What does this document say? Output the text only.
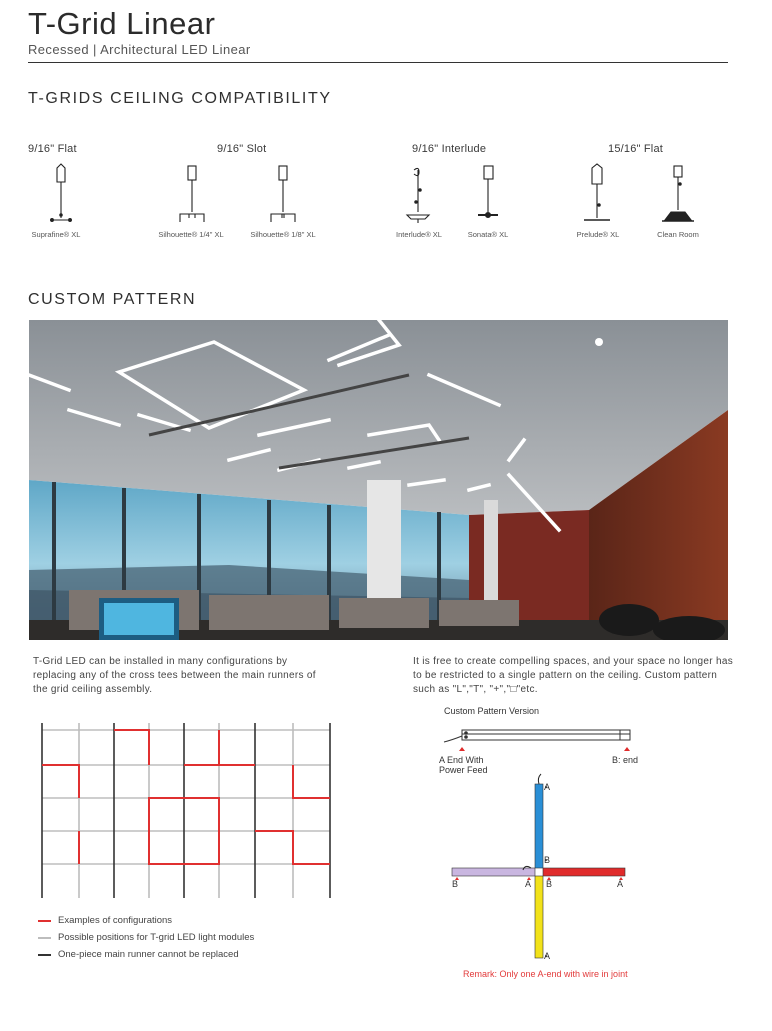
T-Grid Linear
Recessed | Architectural LED Linear
T-GRIDS CEILING COMPATIBILITY
9/16" Flat	9/16" Slot	9/16" Interlude	15/16" Flat
Suprafine® XL	Silhouette® 1/4" XL	Silhouette® 1/8" XL	Interlude® XL	Sonata® XL	Prelude® XL	Clean Room
CUSTOM PATTERN
T-Grid LED can be installed in many configurations by replacing any of the cross tees between the main runners of the grid ceiling assembly.
It is free to create compelling spaces, and your space no longer has to be restricted to a single pattern on the ceiling. Custom pattern such as "L","T", "+","□"etc.
Examples of configurations
Possible positions for T-grid LED light modules
One-piece main runner cannot be replaced
Custom Pattern Version
A End With
Power Feed
B: end
A
B
B	A B	A
A
Remark: Only one A-end with wire in joint
